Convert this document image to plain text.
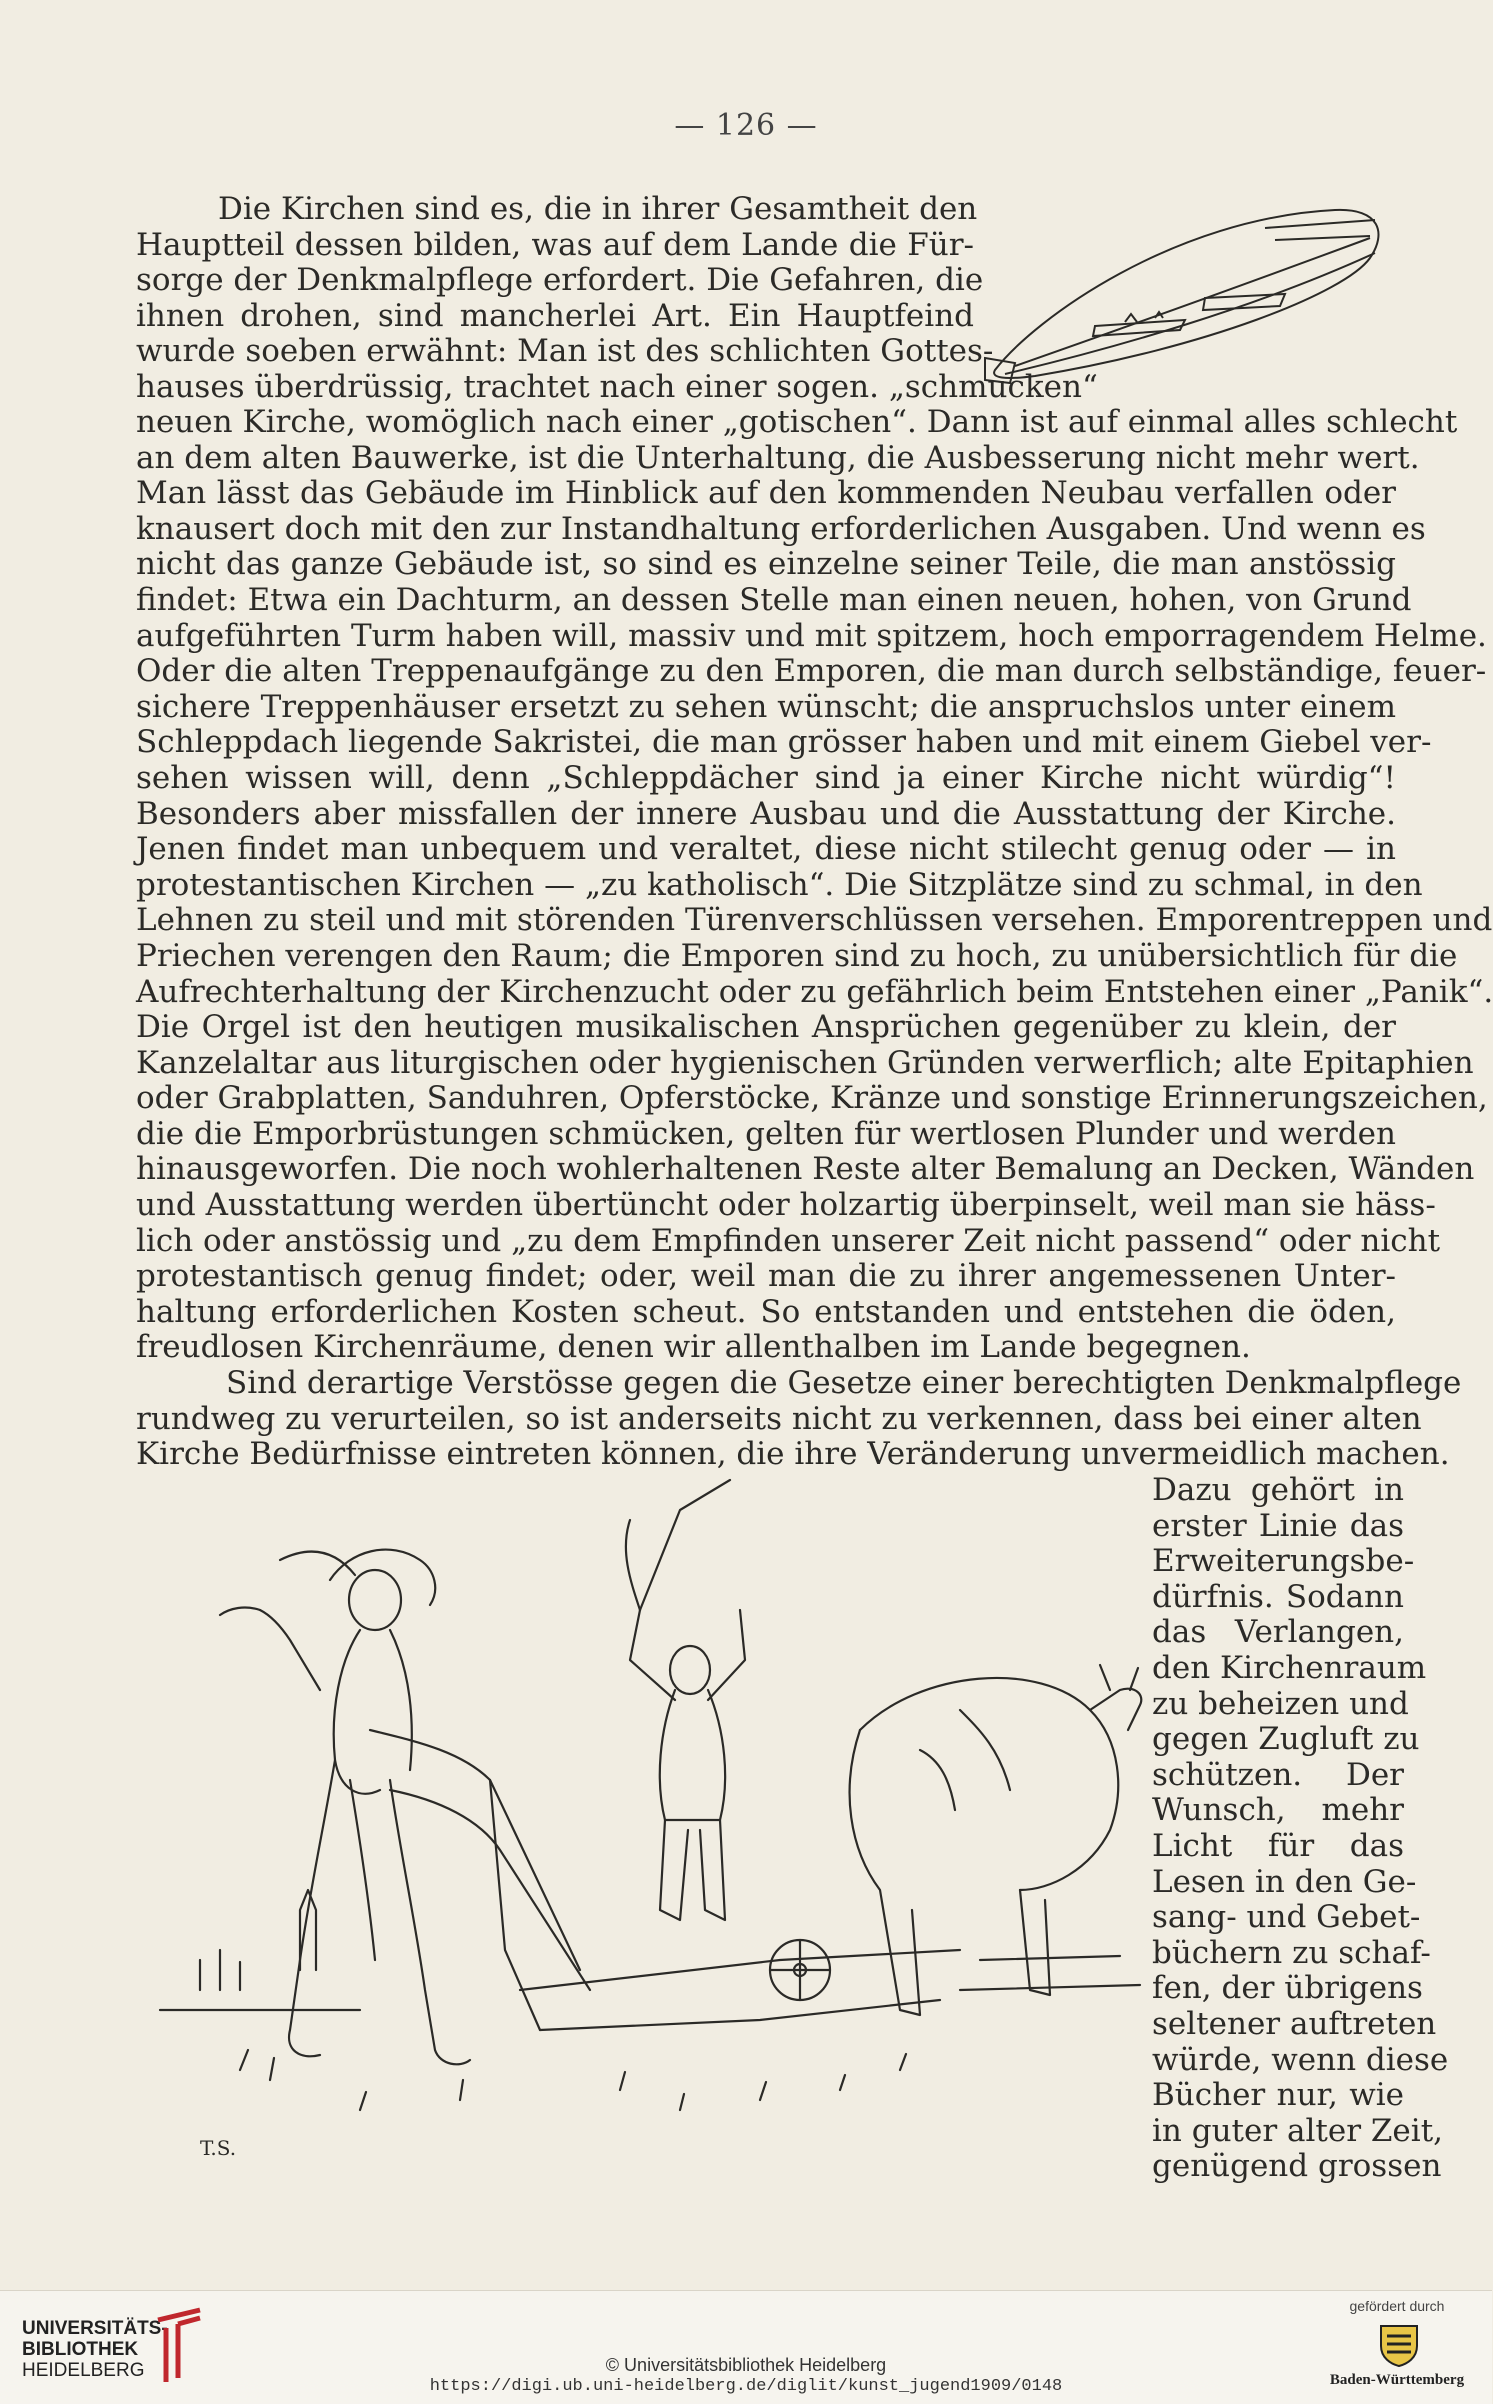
— 126 —
Die Kirchen sind es, die in ihrer Gesamtheit den
Hauptteil dessen bilden, was auf dem Lande die Für-
sorge der Denkmalpflege erfordert. Die Gefahren, die
ihnen drohen, sind mancherlei Art. Ein Hauptfeind
wurde soeben erwähnt: Man ist des schlichten Gottes-
hauses überdrüssig, trachtet nach einer sogen. „schmucken“
neuen Kirche, womöglich nach einer „gotischen“. Dann ist auf einmal alles schlecht
an dem alten Bauwerke, ist die Unterhaltung, die Ausbesserung nicht mehr wert.
Man lässt das Gebäude im Hinblick auf den kommenden Neubau verfallen oder
knausert doch mit den zur Instandhaltung erforderlichen Ausgaben. Und wenn es
nicht das ganze Gebäude ist, so sind es einzelne seiner Teile, die man anstössig
findet: Etwa ein Dachturm, an dessen Stelle man einen neuen, hohen, von Grund
aufgeführten Turm haben will, massiv und mit spitzem, hoch emporragendem Helme.
Oder die alten Treppenaufgänge zu den Emporen, die man durch selbständige, feuer-
sichere Treppenhäuser ersetzt zu sehen wünscht; die anspruchslos unter einem
Schleppdach liegende Sakristei, die man grösser haben und mit einem Giebel ver-
sehen wissen will, denn „Schleppdächer sind ja einer Kirche nicht würdig“!
Besonders aber missfallen der innere Ausbau und die Ausstattung der Kirche.
Jenen findet man unbequem und veraltet, diese nicht stilecht genug oder — in
protestantischen Kirchen — „zu katholisch“. Die Sitzplätze sind zu schmal, in den
Lehnen zu steil und mit störenden Türenverschlüssen versehen. Emporentreppen und
Priechen verengen den Raum; die Emporen sind zu hoch, zu unübersichtlich für die
Aufrechterhaltung der Kirchenzucht oder zu gefährlich beim Entstehen einer „Panik“.
Die Orgel ist den heutigen musikalischen Ansprüchen gegenüber zu klein, der
Kanzelaltar aus liturgischen oder hygienischen Gründen verwerflich; alte Epitaphien
oder Grabplatten, Sanduhren, Opferstöcke, Kränze und sonstige Erinnerungszeichen,
die die Emporbrüstungen schmücken, gelten für wertlosen Plunder und werden
hinausgeworfen. Die noch wohlerhaltenen Reste alter Bemalung an Decken, Wänden
und Ausstattung werden übertüncht oder holzartig überpinselt, weil man sie häss-
lich oder anstössig und „zu dem Empfinden unserer Zeit nicht passend“ oder nicht
protestantisch genug findet; oder, weil man die zu ihrer angemessenen Unter-
haltung erforderlichen Kosten scheut. So entstanden und entstehen die öden,
freudlosen Kirchenräume, denen wir allenthalben im Lande begegnen.
Sind derartige Verstösse gegen die Gesetze einer berechtigten Denkmalpflege
rundweg zu verurteilen, so ist anderseits nicht zu verkennen, dass bei einer alten
Kirche Bedürfnisse eintreten können, die ihre Veränderung unvermeidlich machen.
Dazu gehört in
erster Linie das
Erweiterungsbe-
dürfnis. Sodann
das Verlangen,
den Kirchenraum
zu beheizen und
gegen Zugluft zu
schützen. Der
Wunsch, mehr
Licht für das
Lesen in den Ge-
sang- und Gebet-
büchern zu schaf-
fen, der übrigens
seltener auftreten
würde, wenn diese
Bücher nur, wie
in guter alter Zeit,
genügend grossen
T.S.
UNIVERSITÄTS-
BIBLIOTHEK
HEIDELBERG	© Universitätsbibliothek Heidelberg
https://digi.ub.uni-heidelberg.de/diglit/kunst_jugend1909/0148
gefördert durch
Baden-Württemberg
